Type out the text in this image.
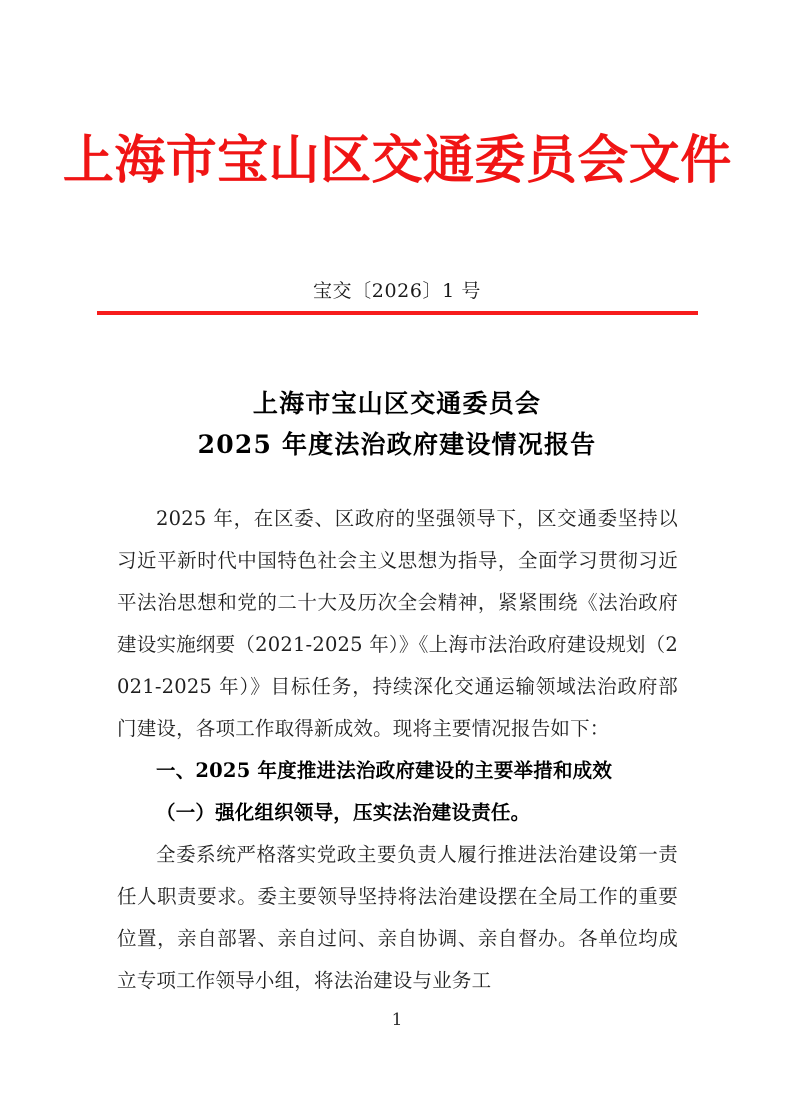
上海市宝山区交通委员会文件
宝交〔2026〕1 号
上海市宝山区交通委员会
2025 年度法治政府建设情况报告

2025 年，在区委、区政府的坚强领导下，区交通委坚持以习近平新时代中国特色社会主义思想为指导，全面学习贯彻习近平法治思想和党的二十大及历次全会精神，紧紧围绕《法治政府建设实施纲要（2021-2025 年）》《上海市法治政府建设规划（2021-2025 年）》目标任务，持续深化交通运输领域法治政府部门建设，各项工作取得新成效。现将主要情况报告如下：

一、2025 年度推进法治政府建设的主要举措和成效

（一）强化组织领导，压实法治建设责任。

全委系统严格落实党政主要负责人履行推进法治建设第一责任人职责要求。委主要领导坚持将法治建设摆在全局工作的重要位置，亲自部署、亲自过问、亲自协调、亲自督办。各单位均成立专项工作领导小组，将法治建设与业务工

1
